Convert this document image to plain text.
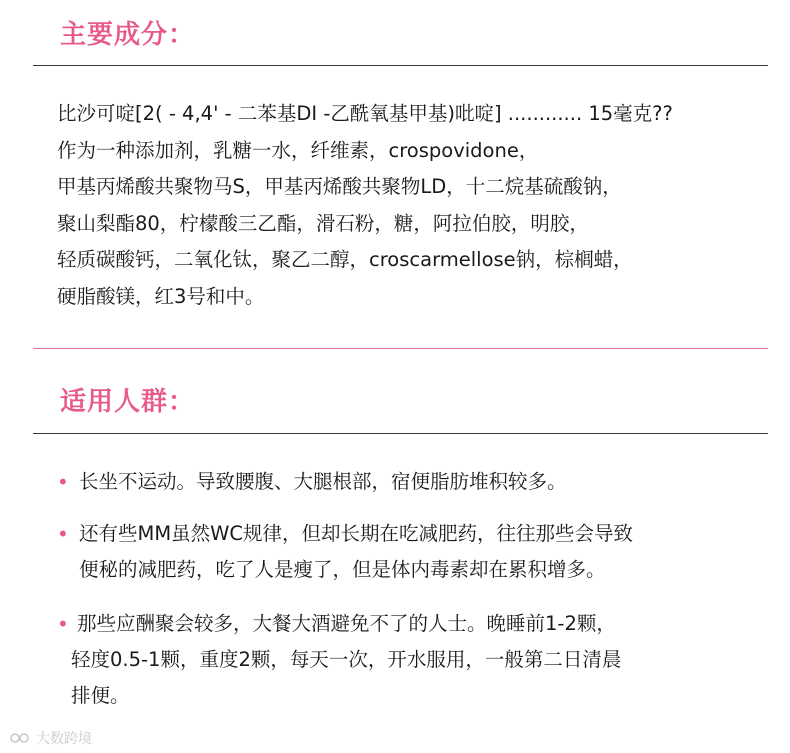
主要成分：
比沙可啶[2( - 4,4' - 二苯基DI -乙酰氧基甲基)吡啶] ............ 15毫克??
作为一种添加剂，乳糖一水，纤维素，crospovidone，
甲基丙烯酸共聚物马S，甲基丙烯酸共聚物LD，十二烷基硫酸钠，
聚山梨酯80，柠檬酸三乙酯，滑石粉，糖，阿拉伯胶，明胶，
轻质碳酸钙，二氧化钛，聚乙二醇，croscarmellose钠，棕榈蜡，
硬脂酸镁，红3号和中。
适用人群：
• 长坐不运动。导致腰腹、大腿根部，宿便脂肪堆积较多。
• 还有些MM虽然WC规律，但却长期在吃减肥药，往往那些会导致
便秘的减肥药，吃了人是瘦了，但是体内毒素却在累积增多。
• 那些应酬聚会较多，大餐大酒避免不了的人士。晚睡前1-2颗，
轻度0.5-1颗，重度2颗，每天一次，开水服用，一般第二日清晨
排便。
大数跨境
